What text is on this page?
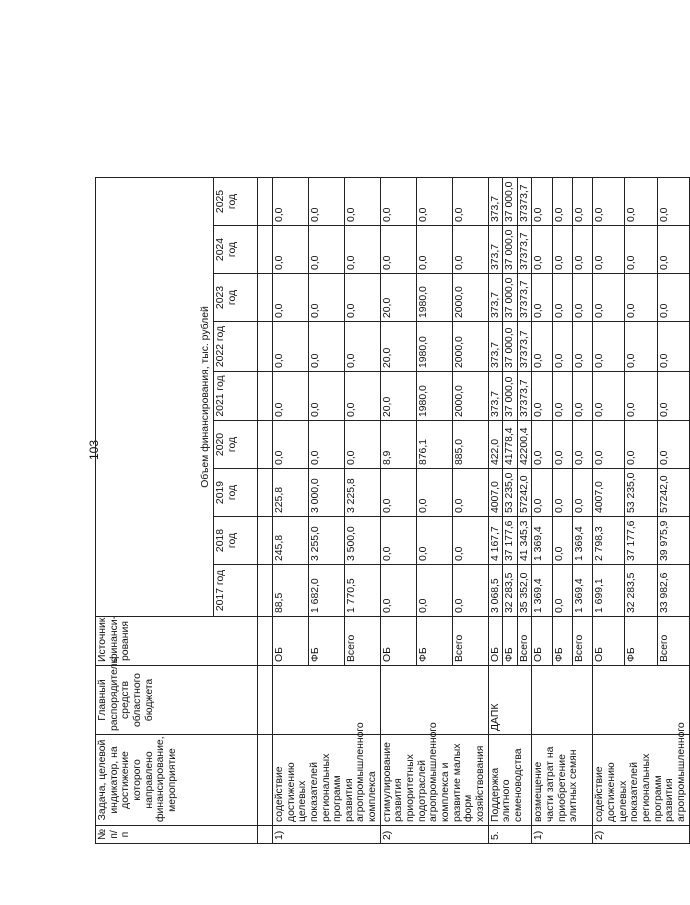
103
№ п/п	Задача, целевой индикатор, на достижение которого направлено финансирование, мероприятие	Главный распорядитель средств областного бюджета	Источник финанси-рования	Объем финансирования, тыс. рублей								
				2017 год	2018 год	2019 год	2020 год	2021 год	2022 год	2023 год	2024 год	2025 год

1)	содействие достижению целевых показателей региональных программ развития агропромышленного комплекса		ОБ	88,5	245,8	225,8	0,0	0,0	0,0	0,0	0,0	0,0
			ФБ	1 682,0	3 255,0	3 000,0	0,0	0,0	0,0	0,0	0,0	0,0
			Всего	1 770,5	3 500,0	3 225,8	0,0	0,0	0,0	0,0	0,0	0,0
2)	стимулирование развития приоритетных подотраслей агропромышленного комплекса и развитие малых форм хозяйствования		ОБ	0,0	0,0	0,0	8,9	20,0	20,0	20,0	0,0	0,0
			ФБ	0,0	0,0	0,0	876,1	1980,0	1980,0	1980,0	0,0	0,0
			Всего	0,0	0,0	0,0	885,0	2000,0	2000,0	2000,0	0,0	0,0
5.	Поддержка элитного семеноводства	ДАПК	ОБ	3 068,5	4 167,7	4007,0	422,0	373,7	373,7	373,7	373,7	373,7
			ФБ	32 283,5	37 177,6	53 235,0	41778,4	37 000,0	37 000,0	37 000,0	37 000,0	37 000,0
			Всего	35 352,0	41 345,3	57242,0	42200,4	37373,7	37373,7	37373,7	37373,7	37373,7
1)	возмещение части затрат на приобретение элитных семян		ОБ	1 369,4	1 369,4	0,0	0,0	0,0	0,0	0,0	0,0	0,0
			ФБ	0,0	0,0	0,0	0,0	0,0	0,0	0,0	0,0	0,0
			Всего	1 369,4	1 369,4	0,0	0,0	0,0	0,0	0,0	0,0	0,0
2)	содействие достижению целевых показателей региональных программ развития агропромышленного		ОБ	1 699,1	2 798,3	4007,0	0,0	0,0	0,0	0,0	0,0	0,0
			ФБ	32 283,5	37 177,6	53 235,0	0,0	0,0	0,0	0,0	0,0	0,0
			Всего	33 982,6	39 975,9	57242,0	0,0	0,0	0,0	0,0	0,0	0,0
